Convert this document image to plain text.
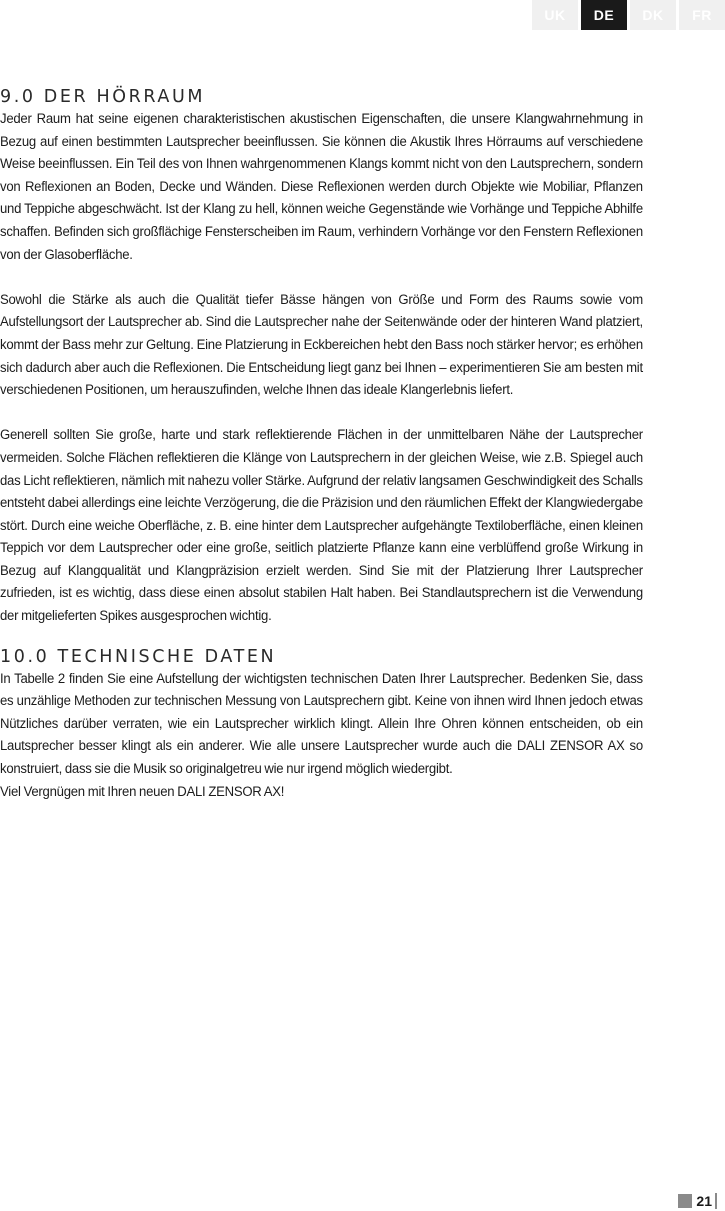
UK	DE	DK	FR
9.0 DER HÖRRAUM

Jeder Raum hat seine eigenen charakteristischen akustischen Eigenschaften, die unsere Klangwahrnehmung in Bezug auf einen bestimmten Lautsprecher beeinflussen. Sie können die Akustik Ihres Hörraums auf verschiedene Weise beeinflussen. Ein Teil des von Ihnen wahrgenommenen Klangs kommt nicht von den Lautsprechern, sondern von Reflexionen an Boden, Decke und Wänden. Diese Reflexionen werden durch Objekte wie Mobiliar, Pflanzen und Teppiche abgeschwächt. Ist der Klang zu hell, können weiche Gegenstände wie Vorhänge und Teppiche Abhilfe schaffen. Befinden sich großflächige Fensterscheiben im Raum, verhindern Vorhänge vor den Fenstern Reflexionen von der Glasoberfläche.

Sowohl die Stärke als auch die Qualität tiefer Bässe hängen von Größe und Form des Raums sowie vom Aufstellungsort der Lautsprecher ab. Sind die Lautsprecher nahe der Seitenwände oder der hinteren Wand platziert, kommt der Bass mehr zur Geltung. Eine Platzierung in Eckbereichen hebt den Bass noch stärker hervor; es erhöhen sich dadurch aber auch die Reflexionen. Die Entscheidung liegt ganz bei Ihnen – experimentieren Sie am besten mit verschiedenen Positionen, um herauszufinden, welche Ihnen das ideale Klangerlebnis liefert.

Generell sollten Sie große, harte und stark reflektierende Flächen in der unmittelbaren Nähe der Lautsprecher vermeiden. Solche Flächen reflektieren die Klänge von Lautsprechern in der gleichen Weise, wie z.B. Spiegel auch das Licht reflektieren, nämlich mit nahezu voller Stärke. Aufgrund der relativ langsamen Geschwindigkeit des Schalls entsteht dabei allerdings eine leichte Verzögerung, die die Präzision und den räumlichen Effekt der Klangwiedergabe stört. Durch eine weiche Oberfläche, z. B. eine hinter dem Lautsprecher aufgehängte Textiloberfläche, einen kleinen Teppich vor dem Lautsprecher oder eine große, seitlich platzierte Pflanze kann eine verblüffend große Wirkung in Bezug auf Klangqualität und Klangpräzision erzielt werden. Sind Sie mit der Platzierung Ihrer Lautsprecher zufrieden, ist es wichtig, dass diese einen absolut stabilen Halt haben. Bei Standlautsprechern ist die Verwendung der mitgelieferten Spikes ausgesprochen wichtig.

10.0 TECHNISCHE DATEN

In Tabelle 2 finden Sie eine Aufstellung der wichtigsten technischen Daten Ihrer Lautsprecher. Bedenken Sie, dass es unzählige Methoden zur technischen Messung von Lautsprechern gibt. Keine von ihnen wird Ihnen jedoch etwas Nützliches darüber verraten, wie ein Lautsprecher wirklich klingt. Allein Ihre Ohren können entscheiden, ob ein Lautsprecher besser klingt als ein anderer. Wie alle unsere Lautsprecher wurde auch die DALI ZENSOR AX so konstruiert, dass sie die Musik so originalgetreu wie nur irgend möglich wiedergibt.

Viel Vergnügen mit Ihren neuen DALI ZENSOR AX!

21
